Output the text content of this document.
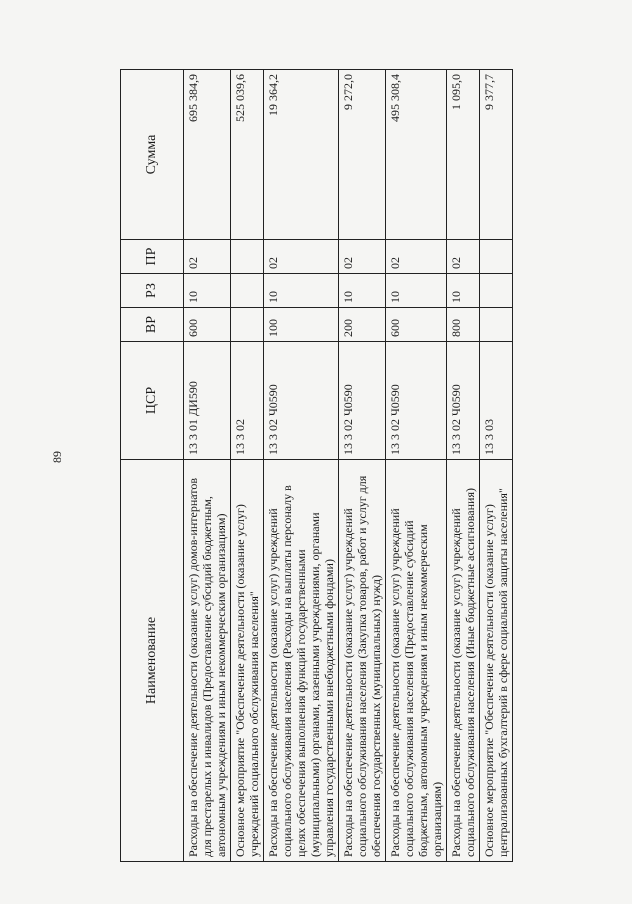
89
Наименование	ЦСР	ВР	РЗ	ПР	Сумма
Расходы на обеспечение деятельности (оказание услуг) домов-интернатов для престарелых и инвалидов (Предоставление субсидий бюджетным, автономным учреждениям и иным некоммерческим организациям)	13 3 01 ДИ590	600	10	02	695 384,9
Основное мероприятие "Обеспечение деятельности (оказание услуг) учреждений социального обслуживания населения"	13 3 02				525 039,6
Расходы на обеспечение деятельности (оказание услуг) учреждений социального обслуживания населения (Расходы на выплаты персоналу в целях обеспечения выполнения функций государственными (муниципальными) органами, казенными учреждениями, органами управления государственными внебюджетными фондами)	13 3 02 Ч0590	100	10	02	19 364,2
Расходы на обеспечение деятельности (оказание услуг) учреждений социального обслуживания населения (Закупка товаров, работ и услуг для обеспечения государственных (муниципальных) нужд)	13 3 02 Ч0590	200	10	02	9 272,0
Расходы на обеспечение деятельности (оказание услуг) учреждений социального обслуживания населения (Предоставление субсидий бюджетным, автономным учреждениям и иным некоммерческим организациям)	13 3 02 Ч0590	600	10	02	495 308,4
Расходы на обеспечение деятельности (оказание услуг) учреждений социального обслуживания населения (Иные бюджетные ассигнования)	13 3 02 Ч0590	800	10	02	1 095,0
Основное мероприятие "Обеспечение деятельности (оказание услуг) централизованных бухгалтерий в сфере социальной защиты населения"	13 3 03				9 377,7
